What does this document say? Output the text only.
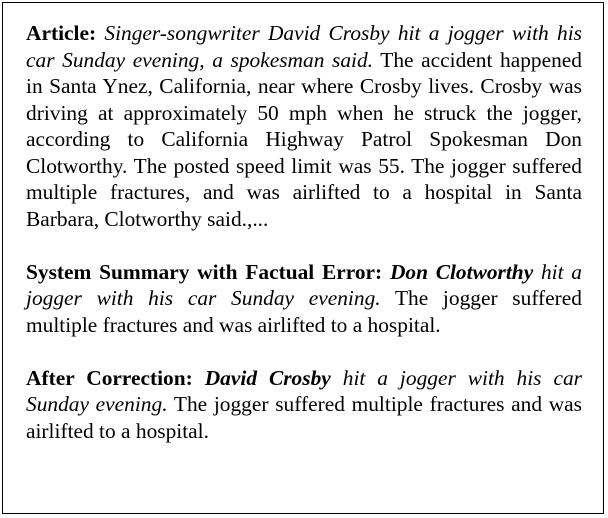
Article: Singer-songwriter David Crosby hit a jogger with his car Sunday evening, a spokesman said. The accident happened in Santa Ynez, California, near where Crosby lives. Crosby was driving at approximately 50 mph when he struck the jogger, according to California Highway Patrol Spokesman Don Clotworthy. The posted speed limit was 55. The jogger suffered multiple fractures, and was airlifted to a hospital in Santa Barbara, Clotworthy said.,...

System Summary with Factual Error: Don Clotworthy hit a jogger with his car Sunday evening. The jogger suffered multiple fractures and was airlifted to a hospital.

After Correction: David Crosby hit a jogger with his car Sunday evening. The jogger suffered multiple fractures and was airlifted to a hospital.
